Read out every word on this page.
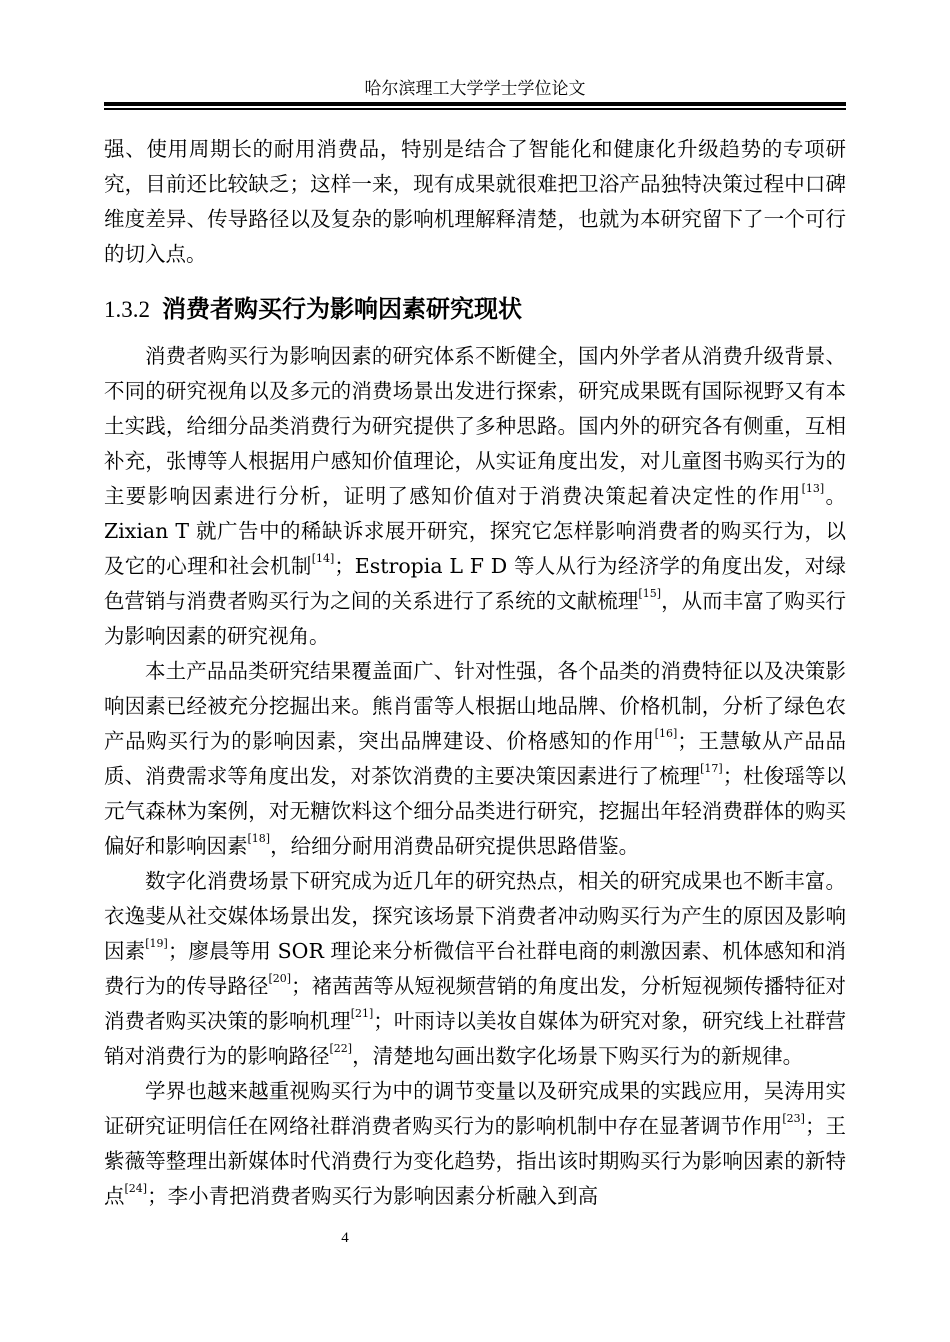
哈尔滨理工大学学士学位论文

强、使用周期长的耐用消费品，特别是结合了智能化和健康化升级趋势的专项研究，目前还比较缺乏；这样一来，现有成果就很难把卫浴产品独特决策过程中口碑维度差异、传导路径以及复杂的影响机理解释清楚，也就为本研究留下了一个可行的切入点。

1.3.2 消费者购买行为影响因素研究现状

消费者购买行为影响因素的研究体系不断健全，国内外学者从消费升级背景、不同的研究视角以及多元的消费场景出发进行探索，研究成果既有国际视野又有本土实践，给细分品类消费行为研究提供了多种思路。国内外的研究各有侧重，互相补充，张博等人根据用户感知价值理论，从实证角度出发，对儿童图书购买行为的主要影响因素进行分析，证明了感知价值对于消费决策起着决定性的作用[13]。Zixian T 就广告中的稀缺诉求展开研究，探究它怎样影响消费者的购买行为，以及它的心理和社会机制[14]；Estropia L F D 等人从行为经济学的角度出发，对绿色营销与消费者购买行为之间的关系进行了系统的文献梳理[15]，从而丰富了购买行为影响因素的研究视角。

本土产品品类研究结果覆盖面广、针对性强，各个品类的消费特征以及决策影响因素已经被充分挖掘出来。熊肖雷等人根据山地品牌、价格机制，分析了绿色农产品购买行为的影响因素，突出品牌建设、价格感知的作用[16]；王慧敏从产品品质、消费需求等角度出发，对茶饮消费的主要决策因素进行了梳理[17]；杜俊瑶等以元气森林为案例，对无糖饮料这个细分品类进行研究，挖掘出年轻消费群体的购买偏好和影响因素[18]，给细分耐用消费品研究提供思路借鉴。

数字化消费场景下研究成为近几年的研究热点，相关的研究成果也不断丰富。衣逸斐从社交媒体场景出发，探究该场景下消费者冲动购买行为产生的原因及影响因素[19]；廖晨等用 SOR 理论来分析微信平台社群电商的刺激因素、机体感知和消费行为的传导路径[20]；褚茜茜等从短视频营销的角度出发，分析短视频传播特征对消费者购买决策的影响机理[21]；叶雨诗以美妆自媒体为研究对象，研究线上社群营销对消费行为的影响路径[22]，清楚地勾画出数字化场景下购买行为的新规律。

学界也越来越重视购买行为中的调节变量以及研究成果的实践应用，吴涛用实证研究证明信任在网络社群消费者购买行为的影响机制中存在显著调节作用[23]；王紫薇等整理出新媒体时代消费行为变化趋势，指出该时期购买行为影响因素的新特点[24]；李小青把消费者购买行为影响因素分析融入到高

4
